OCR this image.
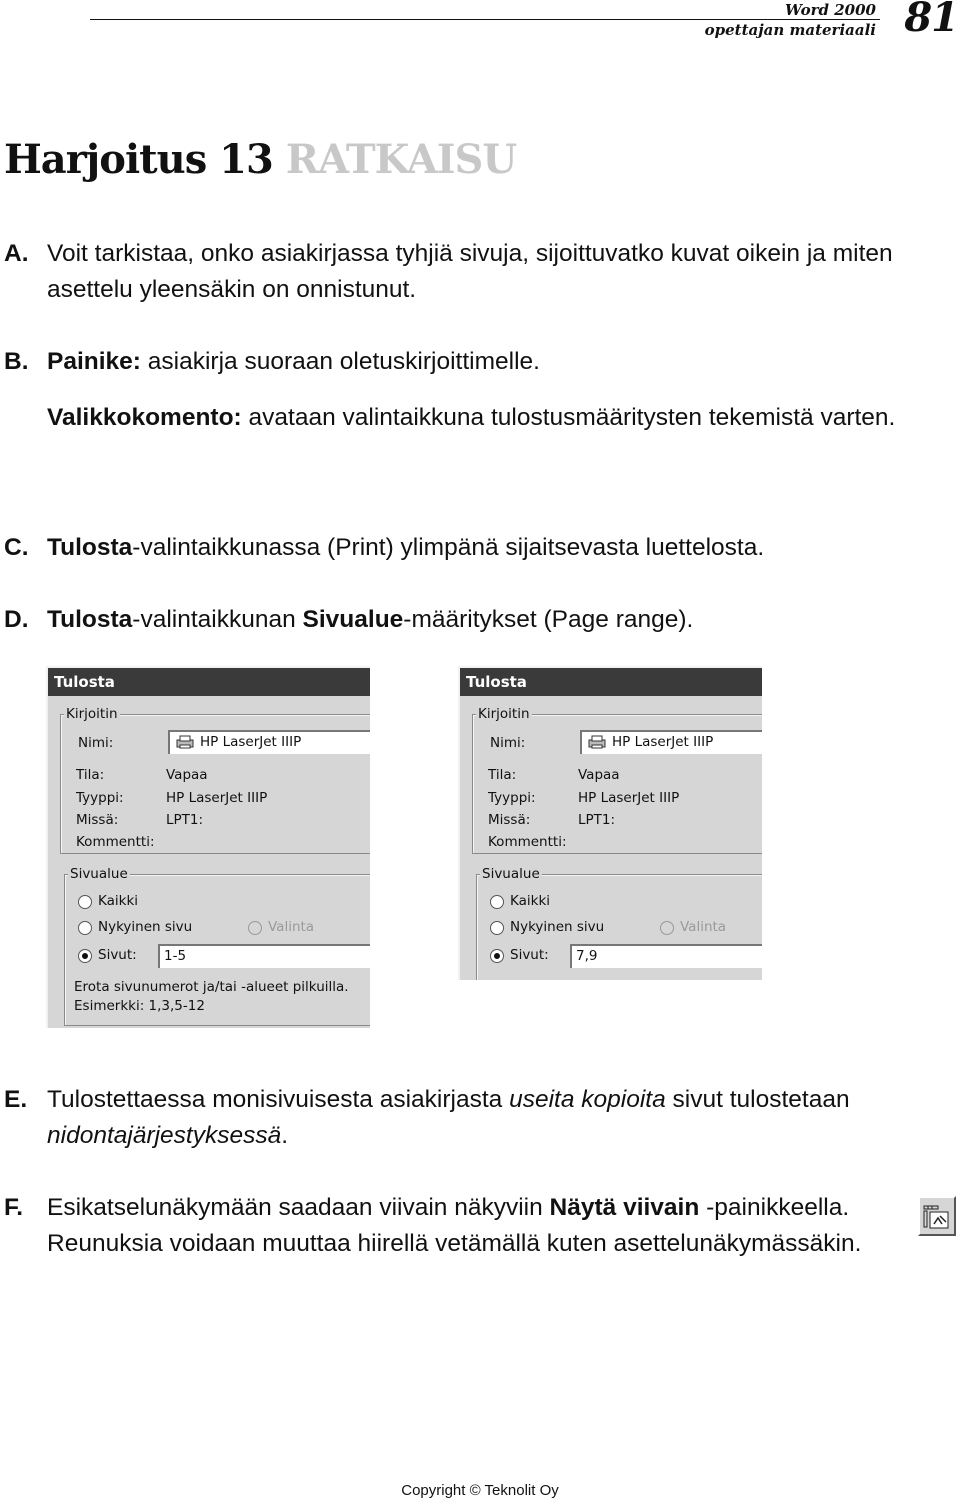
Word 2000
opettajan materiaali 81
Harjoitus 13 RATKAISU
A. Voit tarkistaa, onko asiakirjassa tyhjiä sivuja, sijoittuvatko kuvat oikein ja miten asettelu yleensäkin on onnistunut.
B. Painike: asiakirja suoraan oletuskirjoittimelle.
Valikkokomento: avataan valintaikkuna tulostusmääritysten tekemistä varten.
C. Tulosta-valintaikkunassa (Print) ylimpänä sijaitsevasta luettelosta.
D. Tulosta-valintaikkunan Sivualue-määritykset (Page range).
Tulosta
Kirjoitin
Nimi:	HP LaserJet IIIP
Tila:	Vapaa
Tyyppi:	HP LaserJet IIIP
Missä:	LPT1:
Kommentti:
Sivualue
Kaikki
Nykyinen sivu	Valinta
Sivut: 1-5
Erota sivunumerot ja/tai -alueet pilkuilla.
Esimerkki: 1,3,5-12
Tulosta
Kirjoitin
Nimi:	HP LaserJet IIIP
Tila:	Vapaa
Tyyppi:	HP LaserJet IIIP
Missä:	LPT1:
Kommentti:
Sivualue
Kaikki
Nykyinen sivu	Valinta
Sivut: 7,9
E. Tulostettaessa monisivuisesta asiakirjasta useita kopioita sivut tulostetaan nidontajärjestyksessä.
F. Esikatselunäkymään saadaan viivain näkyviin Näytä viivain -painikkeella. Reunuksia voidaan muuttaa hiirellä vetämällä kuten asettelunäkymässäkin.
Copyright © Teknolit Oy
